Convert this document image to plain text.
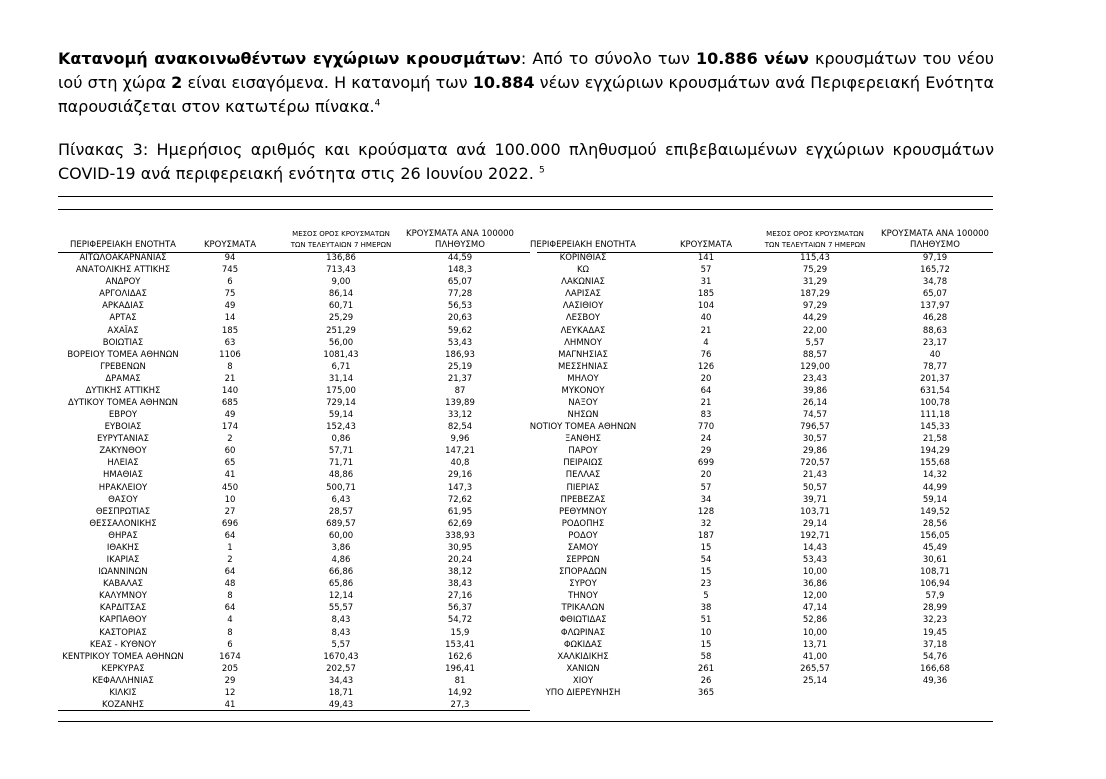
Κατανομή ανακοινωθέντων εγχώριων κρουσμάτων: Από το σύνολο των 10.886 νέων κρουσμάτων του νέου ιού στη χώρα 2 είναι εισαγόμενα. Η κατανομή των 10.884 νέων εγχώριων κρουσμάτων ανά Περιφερειακή Ενότητα παρουσιάζεται στον κατωτέρω πίνακα.$^4$
Πίνακας 3: Ημερήσιος αριθμός και κρούσματα ανά 100.000 πληθυσμού επιβεβαιωμένων εγχώριων κρουσμάτων COVID-19 ανά περιφερειακή ενότητα στις 26 Ιουνίου 2022. $^5$
ΠΕΡΙΦΕΡΕΙΑΚΗ ΕΝΟΤΗΤΑ	ΚΡΟΥΣΜΑΤΑ
ΜΕΣΟΣ ΟΡΟΣ ΚΡΟΥΣΜΑΤΩΝ
ΤΩΝ ΤΕΛΕΥΤΑΙΩΝ 7 ΗΜΕΡΩΝ
ΚΡΟΥΣΜΑΤΑ ΑΝΑ 100000
ΠΛΗΘΥΣΜΟ
ΑΙΤΩΛΟΑΚΑΡΝΑΝΙΑΣ	94	136,86	44,59
ΑΝΑΤΟΛΙΚΗΣ ΑΤΤΙΚΗΣ	745	713,43	148,3
ΑΝΔΡΟΥ	6	9,00	65,07
ΑΡΓΟΛΙΔΑΣ	75	86,14	77,28
ΑΡΚΑΔΙΑΣ	49	60,71	56,53
ΑΡΤΑΣ	14	25,29	20,63
ΑΧΑΪΑΣ	185	251,29	59,62
ΒΟΙΩΤΙΑΣ	63	56,00	53,43
ΒΟΡΕΙΟΥ ΤΟΜΕΑ ΑΘΗΝΩΝ	1106	1081,43	186,93
ΓΡΕΒΕΝΩΝ	8	6,71	25,19
ΔΡΑΜΑΣ	21	31,14	21,37
ΔΥΤΙΚΗΣ ΑΤΤΙΚΗΣ	140	175,00	87
ΔΥΤΙΚΟΥ ΤΟΜΕΑ ΑΘΗΝΩΝ	685	729,14	139,89
ΕΒΡΟΥ	49	59,14	33,12
ΕΥΒΟΙΑΣ	174	152,43	82,54
ΕΥΡΥΤΑΝΙΑΣ	2	0,86	9,96
ΖΑΚΥΝΘΟΥ	60	57,71	147,21
ΗΛΕΙΑΣ	65	71,71	40,8
ΗΜΑΘΙΑΣ	41	48,86	29,16
ΗΡΑΚΛΕΙΟΥ	450	500,71	147,3
ΘΑΣΟΥ	10	6,43	72,62
ΘΕΣΠΡΩΤΙΑΣ	27	28,57	61,95
ΘΕΣΣΑΛΟΝΙΚΗΣ	696	689,57	62,69
ΘΗΡΑΣ	64	60,00	338,93
ΙΘΑΚΗΣ	1	3,86	30,95
ΙΚΑΡΙΑΣ	2	4,86	20,24
ΙΩΑΝΝΙΝΩΝ	64	66,86	38,12
ΚΑΒΑΛΑΣ	48	65,86	38,43
ΚΑΛΥΜΝΟΥ	8	12,14	27,16
ΚΑΡΔΙΤΣΑΣ	64	55,57	56,37
ΚΑΡΠΑΘΟΥ	4	8,43	54,72
ΚΑΣΤΟΡΙΑΣ	8	8,43	15,9
ΚΕΑΣ - ΚΥΘΝΟΥ	6	5,57	153,41
ΚΕΝΤΡΙΚΟΥ ΤΟΜΕΑ ΑΘΗΝΩΝ	1674	1670,43	162,6
ΚΕΡΚΥΡΑΣ	205	202,57	196,41
ΚΕΦΑΛΛΗΝΙΑΣ	29	34,43	81
ΚΙΛΚΙΣ	12	18,71	14,92
ΚΟΖΑΝΗΣ	41	49,43	27,3
ΠΕΡΙΦΕΡΕΙΑΚΗ ΕΝΟΤΗΤΑ	ΚΡΟΥΣΜΑΤΑ
ΜΕΣΟΣ ΟΡΟΣ ΚΡΟΥΣΜΑΤΩΝ
ΤΩΝ ΤΕΛΕΥΤΑΙΩΝ 7 ΗΜΕΡΩΝ
ΚΡΟΥΣΜΑΤΑ ΑΝΑ 100000
ΠΛΗΘΥΣΜΟ
ΚΟΡΙΝΘΙΑΣ	141	115,43	97,19
ΚΩ	57	75,29	165,72
ΛΑΚΩΝΙΑΣ	31	31,29	34,78
ΛΑΡΙΣΑΣ	185	187,29	65,07
ΛΑΣΙΘΙΟΥ	104	97,29	137,97
ΛΕΣΒΟΥ	40	44,29	46,28
ΛΕΥΚΑΔΑΣ	21	22,00	88,63
ΛΗΜΝΟΥ	4	5,57	23,17
ΜΑΓΝΗΣΙΑΣ	76	88,57	40
ΜΕΣΣΗΝΙΑΣ	126	129,00	78,77
ΜΗΛΟΥ	20	23,43	201,37
ΜΥΚΟΝΟΥ	64	39,86	631,54
ΝΑΞΟΥ	21	26,14	100,78
ΝΗΣΩΝ	83	74,57	111,18
ΝΟΤΙΟΥ ΤΟΜΕΑ ΑΘΗΝΩΝ	770	796,57	145,33
ΞΑΝΘΗΣ	24	30,57	21,58
ΠΑΡΟΥ	29	29,86	194,29
ΠΕΙΡΑΙΩΣ	699	720,57	155,68
ΠΕΛΛΑΣ	20	21,43	14,32
ΠΙΕΡΙΑΣ	57	50,57	44,99
ΠΡΕΒΕΖΑΣ	34	39,71	59,14
ΡΕΘΥΜΝΟΥ	128	103,71	149,52
ΡΟΔΟΠΗΣ	32	29,14	28,56
ΡΟΔΟΥ	187	192,71	156,05
ΣΑΜΟΥ	15	14,43	45,49
ΣΕΡΡΩΝ	54	53,43	30,61
ΣΠΟΡΑΔΩΝ	15	10,00	108,71
ΣΥΡΟΥ	23	36,86	106,94
ΤΗΝΟΥ	5	12,00	57,9
ΤΡΙΚΑΛΩΝ	38	47,14	28,99
ΦΘΙΩΤΙΔΑΣ	51	52,86	32,23
ΦΛΩΡΙΝΑΣ	10	10,00	19,45
ΦΩΚΙΔΑΣ	15	13,71	37,18
ΧΑΛΚΙΔΙΚΗΣ	58	41,00	54,76
ΧΑΝΙΩΝ	261	265,57	166,68
ΧΙΟΥ	26	25,14	49,36
ΥΠΟ ΔΙΕΡΕΥΝΗΣΗ	365
